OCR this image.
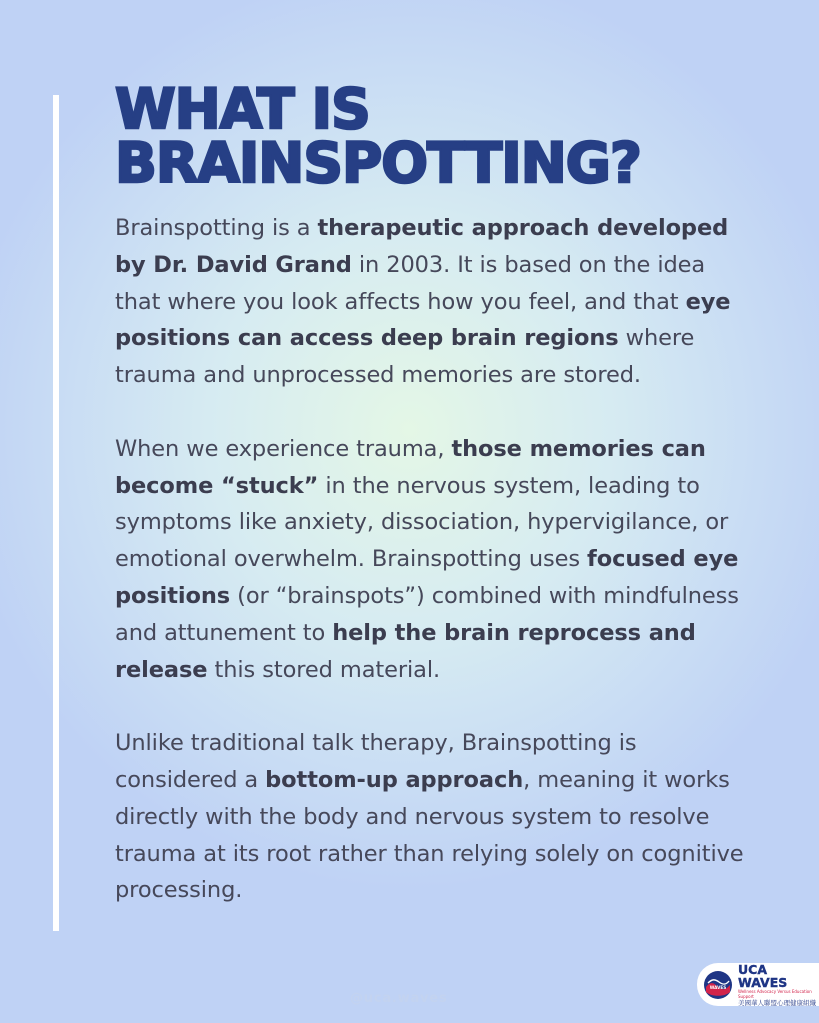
WHAT IS
BRAINSPOTTING?

Brainspotting is a therapeutic approach developed by Dr. David Grand in 2003. It is based on the idea that where you look affects how you feel, and that eye positions can access deep brain regions where trauma and unprocessed memories are stored.

When we experience trauma, those memories can become “stuck” in the nervous system, leading to symptoms like anxiety, dissociation, hypervigilance, or emotional overwhelm. Brainspotting uses focused eye positions (or “brainspots”) combined with mindfulness and attunement to help the brain reprocess and release this stored material.

Unlike traditional talk therapy, Brainspotting is considered a bottom-up approach, meaning it works directly with the body and nervous system to resolve trauma at its root rather than relying solely on cognitive processing.

@uca.waves
WAVES
UCA WAVES
Wellness Advocacy Versus Education Support
美國華人聯盟心理健康組織
